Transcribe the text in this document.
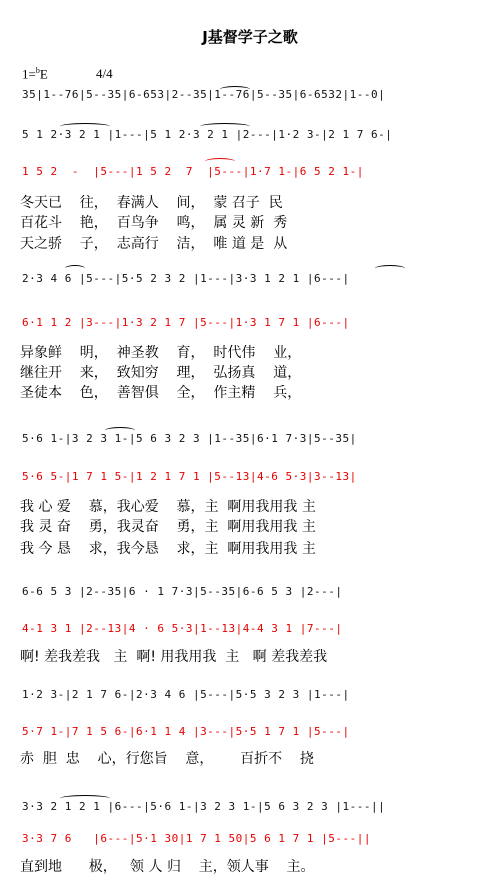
J基督学子之歌
1=$^b$E	4/4
35|1--76|5--35|6-653|2--35|1--76|5--35|6-6532|1--0|
5 1 2·3 2 1 |1---|5 1 2·3 2 1 |2---|1·2 3-|2 1 7 6-|
1 5 2  -  |5---|1 5 2  7  |5---|1·7 1-|6 5 2 1-|
冬天已    往，  春满人    间，  蒙 召子  民
百花斗    艳，  百鸟争    鸣，  属 灵 新  秀
天之骄    子，  志高行    洁，  唯 道 是  从
2·3 4 6 |5---|5·5 2 3 2 |1---|3·3 1 2 1 |6---|
6·1 1 2 |3---|1·3 2 1 7 |5---|1·3 1 7 1 |6---|
异象鲜    明，  神圣教    育，  时代伟    业，
继往开    来，  致知穷    理，  弘扬真    道，
圣徒本    色，  善智俱    全，  作主精    兵，
5·6 1-|3 2 3 1-|5 6 3 2 3 |1--35|6·1 7·3|5--35|
5·6 5-|1 7 1 5-|1 2 1 7 1 |5--13|4-6 5·3|3--13|
我 心 爱    慕，我心爱    慕，主  啊用我用我 主
我 灵 奋    勇，我灵奋    勇，主  啊用我用我 主
我 今 恳    求，我今恳    求，主  啊用我用我 主
6-6 5 3 |2--35|6 · 1 7·3|5--35|6-6 5 3 |2---|
4-1 3 1 |2--13|4 · 6 5·3|1--13|4-4 3 1 |7---|
啊! 差我差我   主  啊! 用我用我  主   啊 差我差我
1·2 3-|2 1 7 6-|2·3 4 6 |5---|5·5 3 2 3 |1---|
5·7 1-|7 1 5 6-|6·1 1 4 |3---|5·5 1 7 1 |5---|
赤  胆  忠    心，行您旨    意，      百折不    挠
3·3 2 1 2 1 |6---|5·6 1-|3 2 3 1-|5 6 3 2 3 |1---||
3·3 7 6   |6---|5·1 30|1 7 1 50|5 6 1 7 1 |5---||
直到地      极，   领 人 归    主，领人事    主。
